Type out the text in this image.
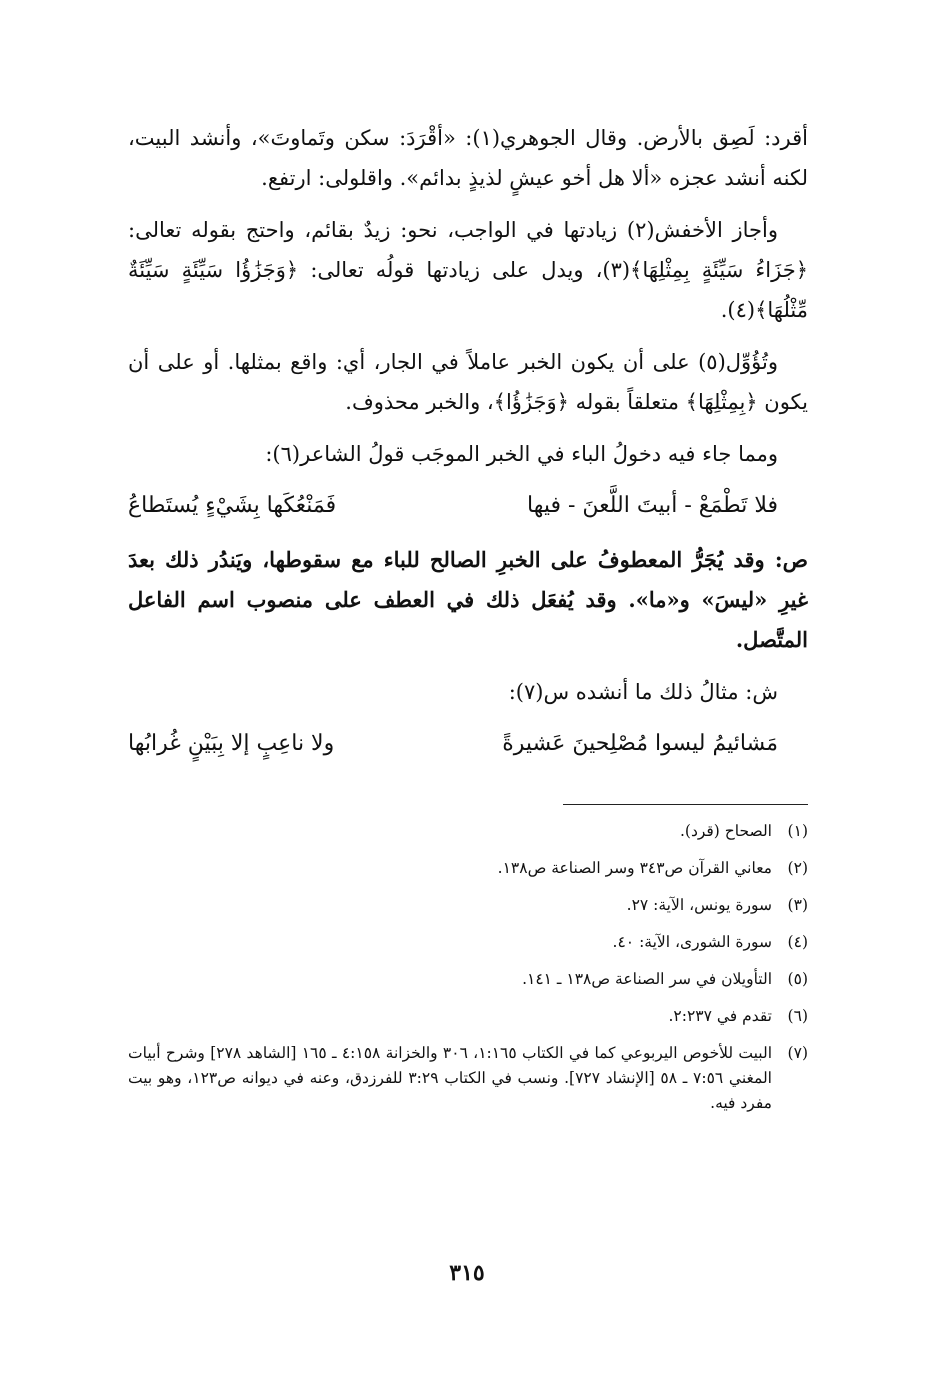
أقرد: لَصِق بالأرض. وقال الجوهري(١): «أقْرَدَ: سكن وتَماوتَ»، وأنشد البيت، لكنه أنشد عجزه «ألا هل أخو عيشٍ لذيذٍ بدائم». واقلولى: ارتفع.

وأجاز الأخفش(٢) زيادتها في الواجب، نحو: زيدٌ بقائم، واحتج بقوله تعالى: ﴿جَزَاءُ سَيِّئَةٍ بِمِثْلِهَا﴾(٣)، ويدل على زيادتها قولُه تعالى: ﴿وَجَزَٰؤُا سَيِّئَةٍ سَيِّئَةٌ مِّثْلُهَا﴾(٤).

وتُؤُوِّل(٥) على أن يكون الخبر عاملاً في الجار، أي: واقع بمثلها. أو على أن يكون ﴿بِمِثْلِهَا﴾ متعلقاً بقوله ﴿وَجَزَٰؤُا﴾، والخبر محذوف.

ومما جاء فيه دخولُ الباء في الخبر الموجَب قولُ الشاعر(٦):

فلا تَطْمَعْ - أبيتَ اللَّعنَ - فيها
فَمَنْعُكَها بِشَيْءٍ يُستَطاعُ

ص: وقد يُجَرُّ المعطوفُ على الخبرِ الصالح للباء مع سقوطها، ويَندُر ذلك بعدَ غيرِ «ليسَ» و«ما». وقد يُفعَل ذلك في العطف على منصوب اسم الفاعل المتَّصل.

ش: مثالُ ذلك ما أنشده س(٧):

مَشائيمُ ليسوا مُصْلِحينَ عَشيرةً
ولا ناعِبٍ إلا بِبَيْنٍ غُرابُها
(١)
الصحاح (قرد).
(٢)
معاني القرآن ص٣٤٣ وسر الصناعة ص١٣٨.
(٣)
سورة يونس، الآية: ٢٧.
(٤)
سورة الشورى، الآية: ٤٠.
(٥)
التأويلان في سر الصناعة ص١٣٨ ـ ١٤١.
(٦)
تقدم في ٢:٢٣٧.
(٧)
البيت للأخوص اليربوعي كما في الكتاب ١:١٦٥، ٣٠٦ والخزانة ٤:١٥٨ ـ ١٦٥ [الشاهد ٢٧٨] وشرح أبيات المغني ٧:٥٦ ـ ٥٨ [الإنشاد ٧٢٧]. ونسب في الكتاب ٣:٢٩ للفرزدق، وعنه في ديوانه ص١٢٣، وهو بيت مفرد فيه.
٣١٥
